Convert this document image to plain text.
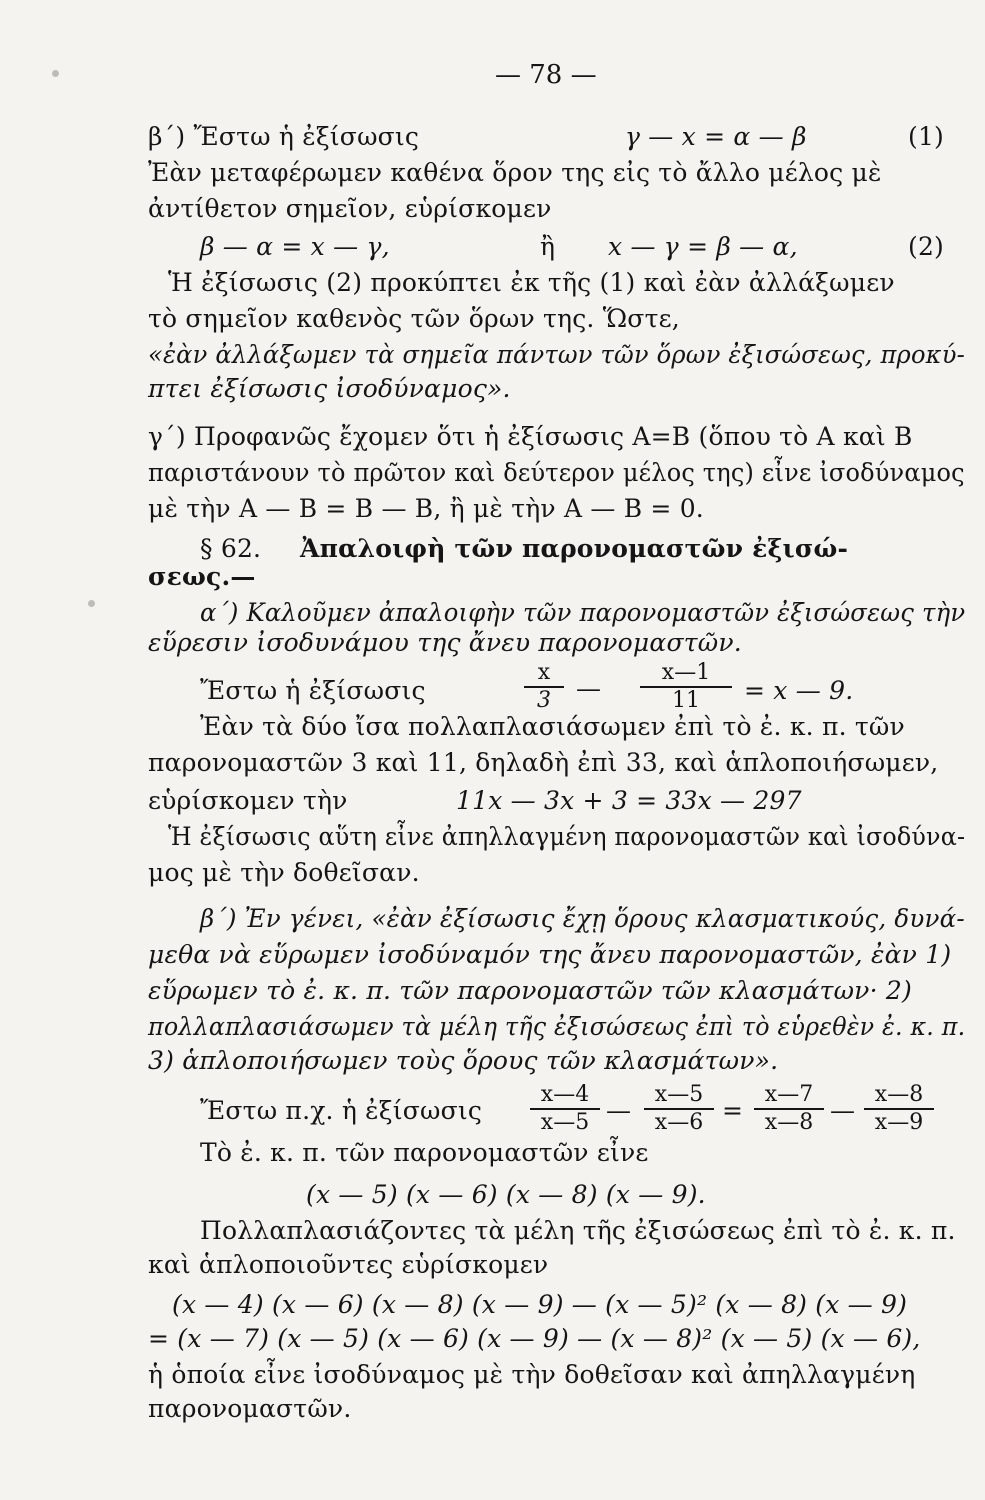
— 78 —
β΄) Ἔστω ἡ ἐξίσωσις	γ — x = α — β	(1)
Ἐὰν μεταφέρωμεν καθένα ὅρον της εἰς τὸ ἄλλο μέλος μὲ
ἀντίθετον σημεῖον, εὑρίσκομεν
β — α = x — γ,	ἢ x — γ = β — α,	(2)
Ἡ ἐξίσωσις (2) προκύπτει ἐκ τῆς (1) καὶ ἐὰν ἀλλάξωμεν
τὸ σημεῖον καθενὸς τῶν ὅρων της. Ὥστε,
«ἐὰν ἀλλάξωμεν τὰ σημεῖα πάντων τῶν ὅρων ἐξισώσεως, προκύ-
πτει ἐξίσωσις ἰσοδύναμος».
γ΄) Προφανῶς ἔχομεν ὅτι ἡ ἐξίσωσις Α=Β (ὅπου τὸ Α καὶ Β
παριστάνουν τὸ πρῶτον καὶ δεύτερον μέλος της) εἶνε ἰσοδύναμος
μὲ τὴν Α — Β = Β — Β, ἢ μὲ τὴν Α — Β = 0.
§ 62. Ἀπαλοιφὴ τῶν παρονομαστῶν ἐξισώ-
σεως.—
α΄) Καλοῦμεν ἀπαλοιφὴν τῶν παρονομαστῶν ἐξισώσεως τὴν
εὕρεσιν ἰσοδυνάμου της ἄνευ παρονομαστῶν.
Ἔστω ἡ ἐξίσωσις	$\frac{x}{3}$ — $\frac{x—1}{11} = x$ — 9.
Ἐὰν τὰ δύο ἴσα πολλαπλασιάσωμεν ἐπὶ τὸ ἐ. κ. π. τῶν
παρονομαστῶν 3 καὶ 11, δηλαδὴ ἐπὶ 33, καὶ ἁπλοποιήσωμεν,
εὑρίσκομεν τὴν	11x — 3x + 3 = 33x — 297
Ἡ ἐξίσωσις αὕτη εἶνε ἀπηλλαγμένη παρονομαστῶν καὶ ἰσοδύνα-
μος μὲ τὴν δοθεῖσαν.
β΄) Ἐν γένει, «ἐὰν ἐξίσωσις ἔχῃ ὅρους κλασματικούς, δυνά-
μεθα νὰ εὕρωμεν ἰσοδύναμόν της ἄνευ παρονομαστῶν, ἐὰν 1)
εὕρωμεν τὸ ἐ. κ. π. τῶν παρονομαστῶν τῶν κλασμάτων· 2)
πολλαπλασιάσωμεν τὰ μέλη τῆς ἐξισώσεως ἐπὶ τὸ εὑρεθὲν ἐ. κ. π.
3) ἁπλοποιήσωμεν τοὺς ὅρους τῶν κλασμάτων».
Ἔστω π.χ. ἡ ἐξίσωσις $\frac{x—4}{x—5}$ — $\frac{x—5}{x—6} = \frac{x—7}{x—8}$ — $\frac{x—8}{x—9}$
Τὸ ἐ. κ. π. τῶν παρονομαστῶν εἶνε
(x — 5) (x — 6) (x — 8) (x — 9).
Πολλαπλασιάζοντες τὰ μέλη τῆς ἐξισώσεως ἐπὶ τὸ ἐ. κ. π.
καὶ ἁπλοποιοῦντες εὑρίσκομεν
(x — 4) (x — 6) (x — 8) (x — 9) — (x — 5)² (x — 8) (x — 9)
= (x — 7) (x — 5) (x — 6) (x — 9) — (x — 8)² (x — 5) (x — 6),
ἡ ὁποία εἶνε ἰσοδύναμος μὲ τὴν δοθεῖσαν καὶ ἀπηλλαγμένη
παρονομαστῶν.
